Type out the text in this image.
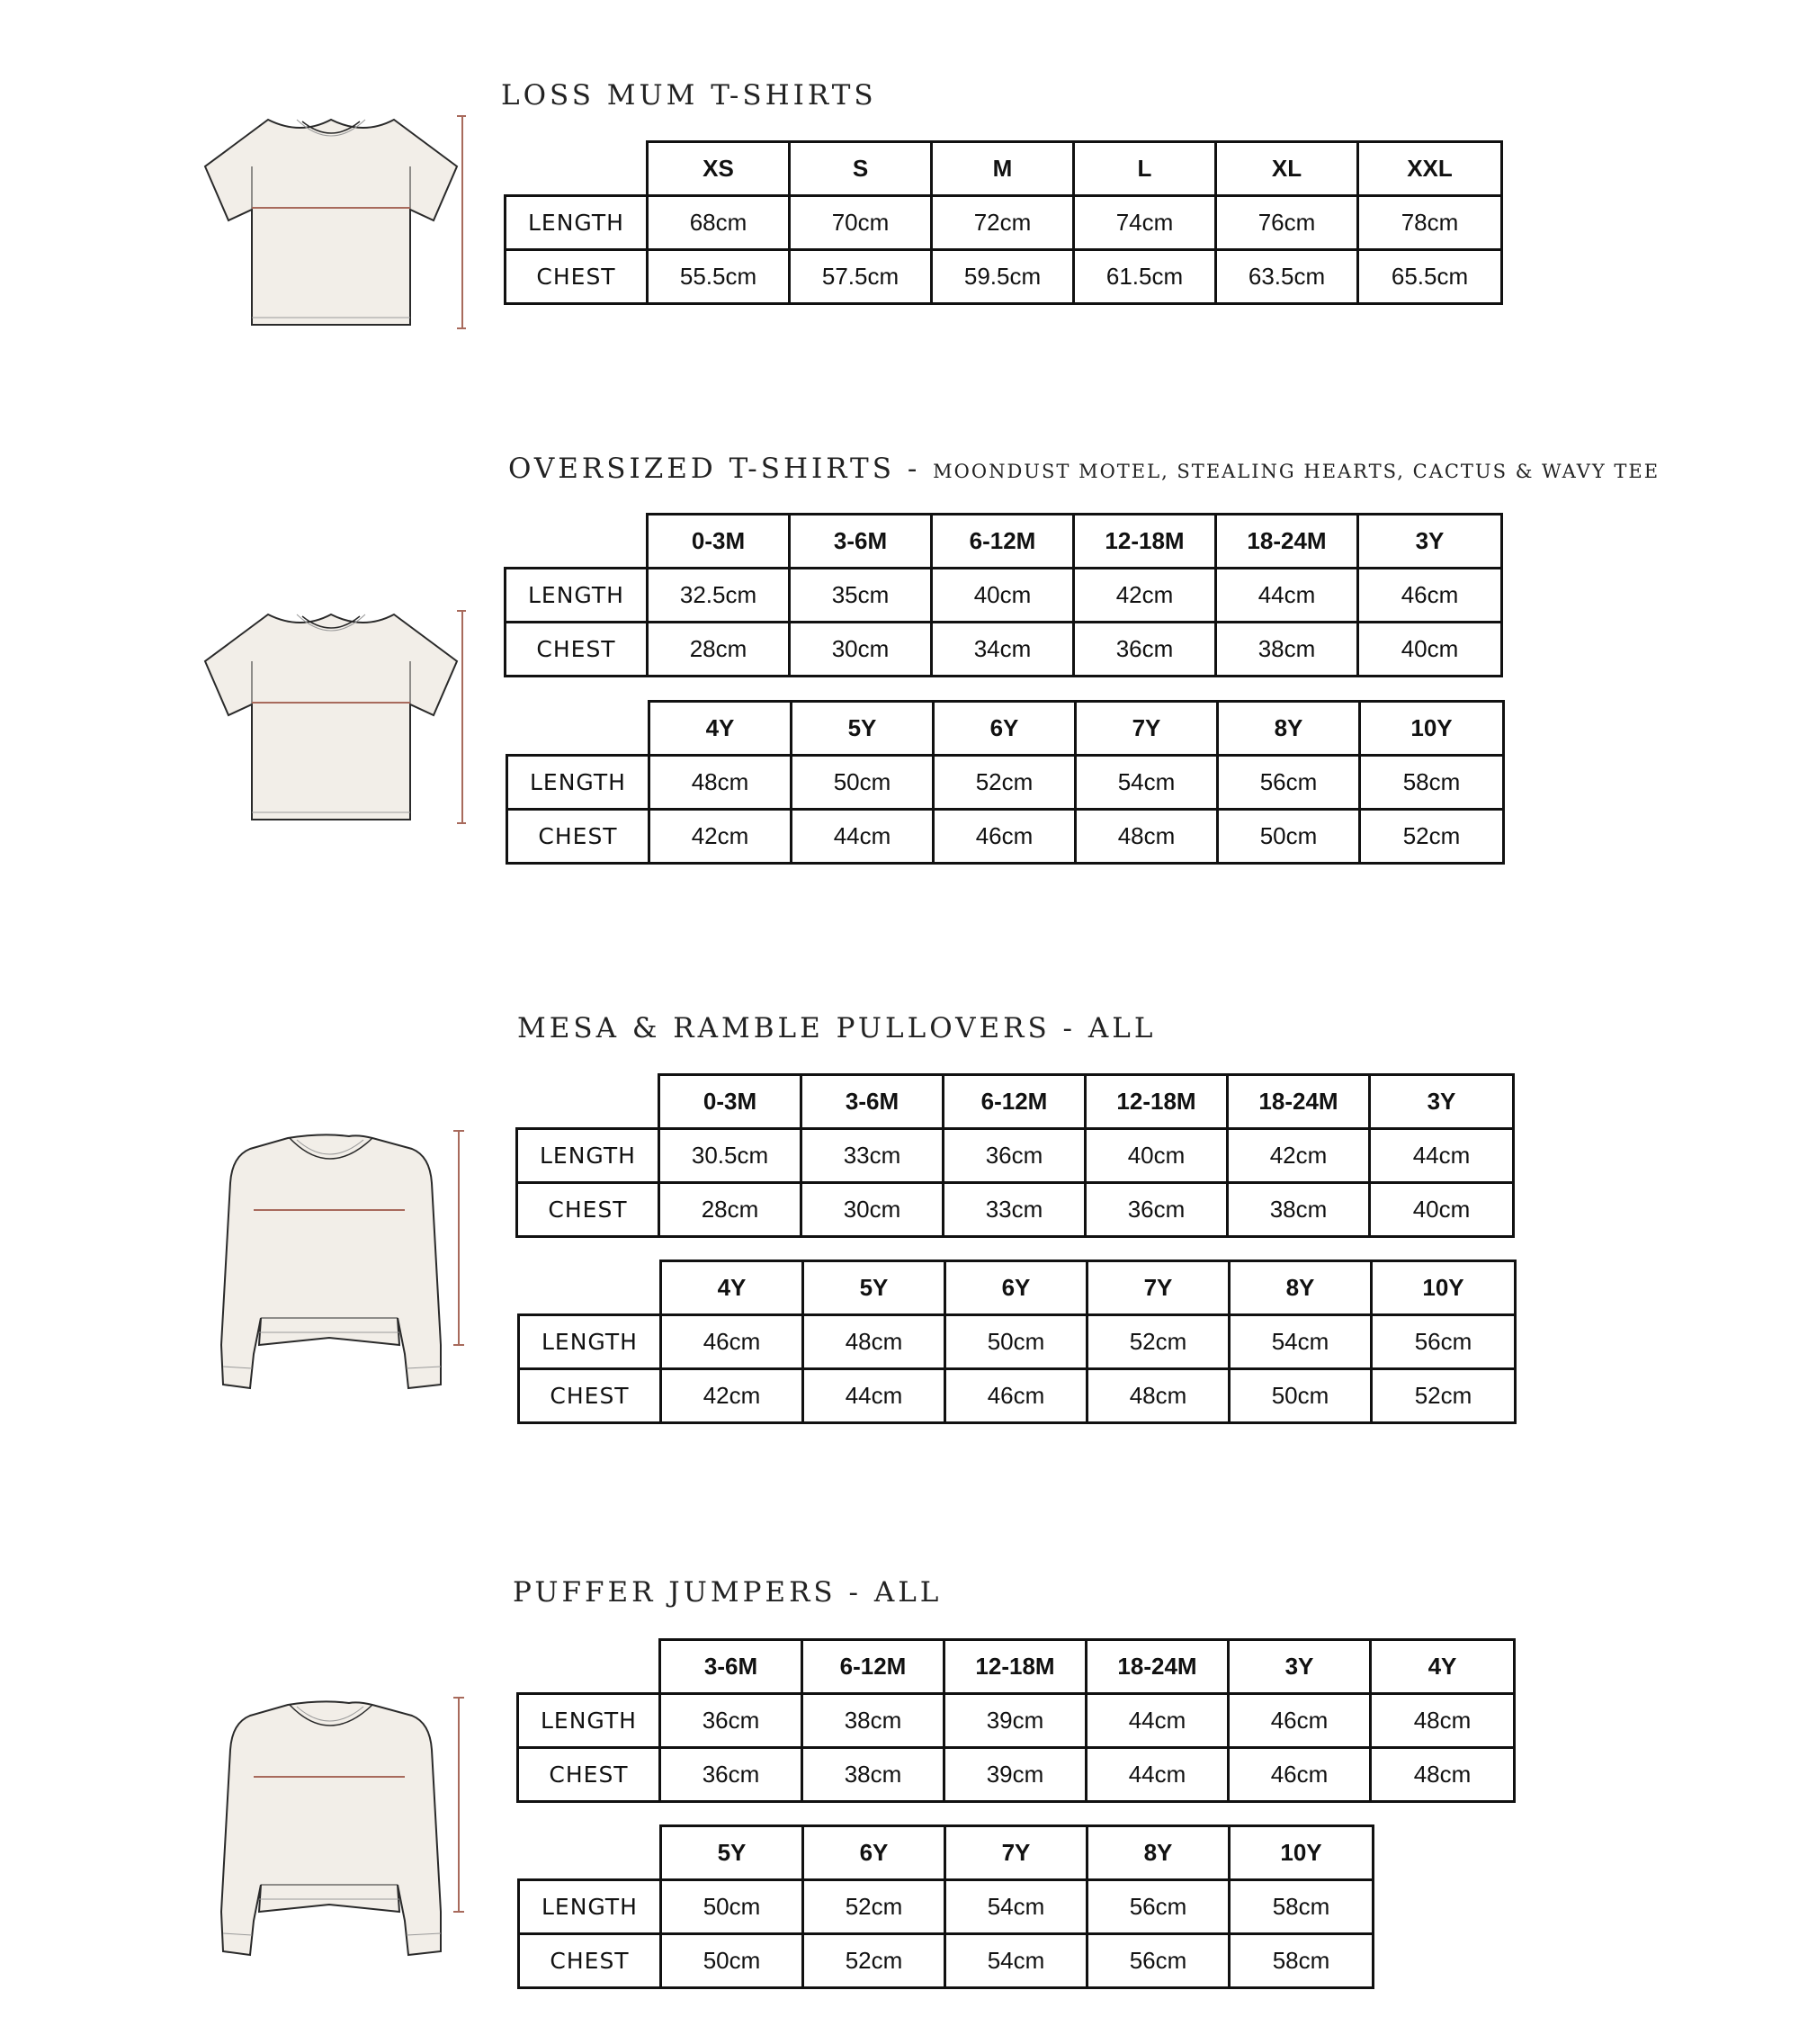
LOSS MUM T-SHIRTS
	XS	S	M	L	XL	XXL
LENGTH	68cm	70cm	72cm	74cm	76cm	78cm
CHEST	55.5cm	57.5cm	59.5cm	61.5cm	63.5cm	65.5cm
OVERSIZED T-SHIRTS - MOONDUST MOTEL, STEALING HEARTS, CACTUS & WAVY TEE
	0-3M	3-6M	6-12M	12-18M	18-24M	3Y
LENGTH	32.5cm	35cm	40cm	42cm	44cm	46cm
CHEST	28cm	30cm	34cm	36cm	38cm	40cm
	4Y	5Y	6Y	7Y	8Y	10Y
LENGTH	48cm	50cm	52cm	54cm	56cm	58cm
CHEST	42cm	44cm	46cm	48cm	50cm	52cm
MESA & RAMBLE PULLOVERS - ALL
	0-3M	3-6M	6-12M	12-18M	18-24M	3Y
LENGTH	30.5cm	33cm	36cm	40cm	42cm	44cm
CHEST	28cm	30cm	33cm	36cm	38cm	40cm
	4Y	5Y	6Y	7Y	8Y	10Y
LENGTH	46cm	48cm	50cm	52cm	54cm	56cm
CHEST	42cm	44cm	46cm	48cm	50cm	52cm
PUFFER JUMPERS - ALL
	3-6M	6-12M	12-18M	18-24M	3Y	4Y
LENGTH	36cm	38cm	39cm	44cm	46cm	48cm
CHEST	36cm	38cm	39cm	44cm	46cm	48cm
	5Y	6Y	7Y	8Y	10Y
LENGTH	50cm	52cm	54cm	56cm	58cm
CHEST	50cm	52cm	54cm	56cm	58cm
